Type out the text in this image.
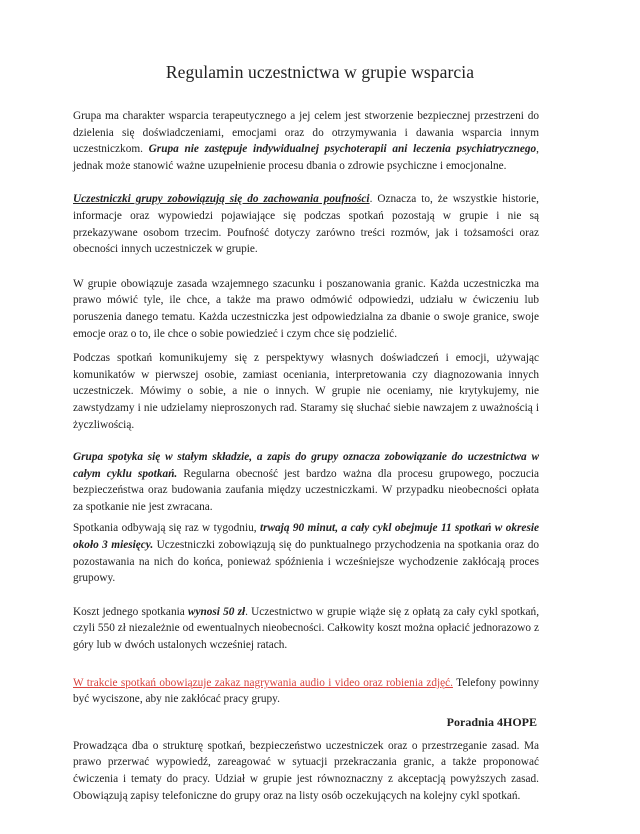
Regulamin uczestnictwa w grupie wsparcia

Grupa ma charakter wsparcia terapeutycznego a jej celem jest stworzenie bezpiecznej przestrzeni do dzielenia się doświadczeniami, emocjami oraz do otrzymywania i dawania wsparcia innym uczestniczkom. Grupa nie zastępuje indywidualnej psychoterapii ani leczenia psychiatrycznego, jednak może stanowić ważne uzupełnienie procesu dbania o zdrowie psychiczne i emocjonalne.

Uczestniczki grupy zobowiązują się do zachowania poufności. Oznacza to, że wszystkie historie, informacje oraz wypowiedzi pojawiające się podczas spotkań pozostają w grupie i nie są przekazywane osobom trzecim. Poufność dotyczy zarówno treści rozmów, jak i tożsamości oraz obecności innych uczestniczek w grupie.

W grupie obowiązuje zasada wzajemnego szacunku i poszanowania granic. Każda uczestniczka ma prawo mówić tyle, ile chce, a także ma prawo odmówić odpowiedzi, udziału w ćwiczeniu lub poruszenia danego tematu. Każda uczestniczka jest odpowiedzialna za dbanie o swoje granice, swoje emocje oraz o to, ile chce o sobie powiedzieć i czym chce się podzielić.

Podczas spotkań komunikujemy się z perspektywy własnych doświadczeń i emocji, używając komunikatów w pierwszej osobie, zamiast oceniania, interpretowania czy diagnozowania innych uczestniczek. Mówimy o sobie, a nie o innych. W grupie nie oceniamy, nie krytykujemy, nie zawstydzamy i nie udzielamy nieproszonych rad. Staramy się słuchać siebie nawzajem z uważnością i życzliwością.

Grupa spotyka się w stałym składzie, a zapis do grupy oznacza zobowiązanie do uczestnictwa w całym cyklu spotkań. Regularna obecność jest bardzo ważna dla procesu grupowego, poczucia bezpieczeństwa oraz budowania zaufania między uczestniczkami. W przypadku nieobecności opłata za spotkanie nie jest zwracana.

Spotkania odbywają się raz w tygodniu, trwają 90 minut, a cały cykl obejmuje 11 spotkań w okresie około 3 miesięcy. Uczestniczki zobowiązują się do punktualnego przychodzenia na spotkania oraz do pozostawania na nich do końca, ponieważ spóźnienia i wcześniejsze wychodzenie zakłócają proces grupowy.

Koszt jednego spotkania wynosi 50 zł. Uczestnictwo w grupie wiąże się z opłatą za cały cykl spotkań, czyli 550 zł niezależnie od ewentualnych nieobecności. Całkowity koszt można opłacić jednorazowo z góry lub w dwóch ustalonych wcześniej ratach.

W trakcie spotkań obowiązuje zakaz nagrywania audio i video oraz robienia zdjęć. Telefony powinny być wyciszone, aby nie zakłócać pracy grupy.

Prowadząca dba o strukturę spotkań, bezpieczeństwo uczestniczek oraz o przestrzeganie zasad. Ma prawo przerwać wypowiedź, zareagować w sytuacji przekraczania granic, a także proponować ćwiczenia i tematy do pracy. Udział w grupie jest równoznaczny z akceptacją powyższych zasad. Obowiązują zapisy telefoniczne do grupy oraz na listy osób oczekujących na kolejny cykl spotkań.

Poradnia 4HOPE
